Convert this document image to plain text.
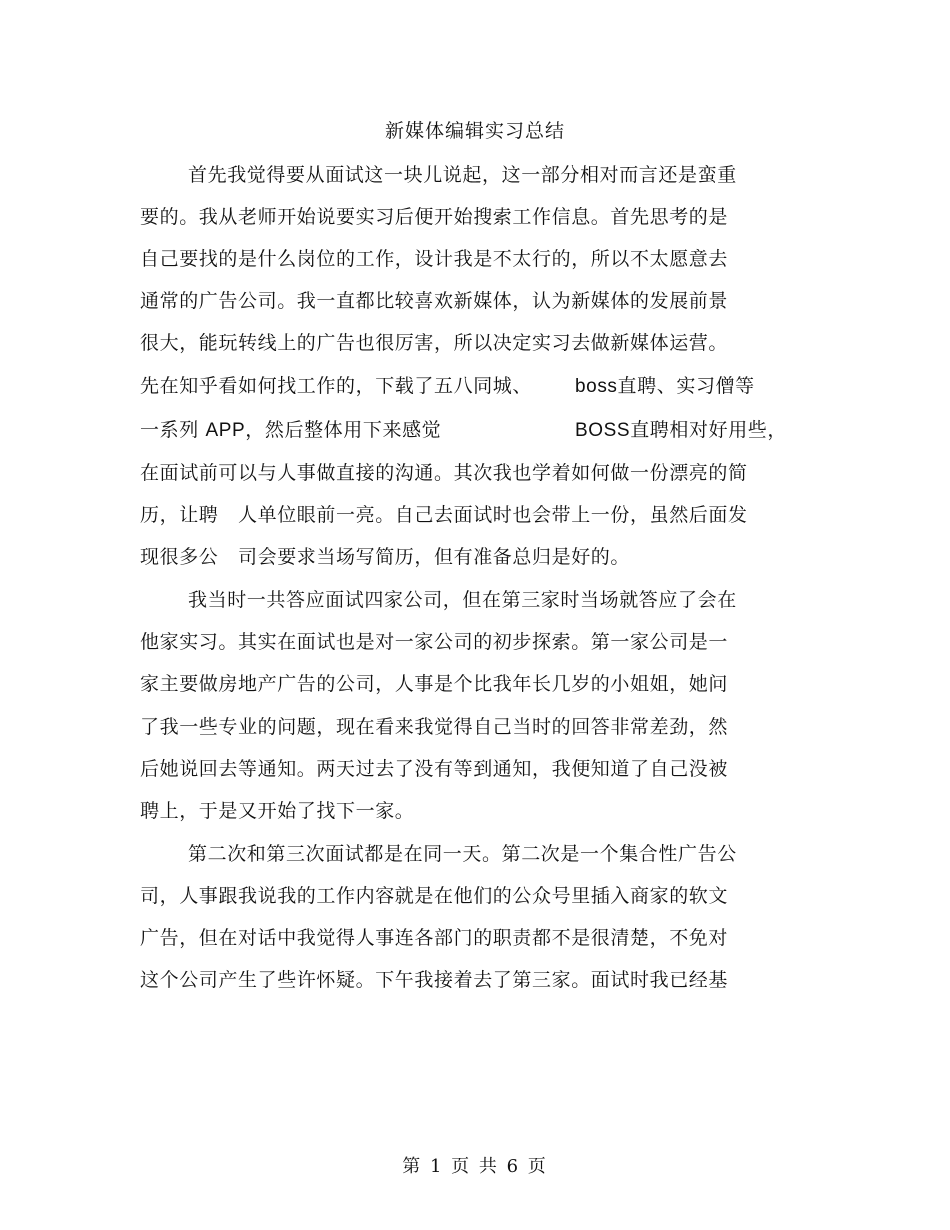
新媒体编辑实习总结
首先我觉得要从面试这一块儿说起，这一部分相对而言还是蛮重
要的。我从老师开始说要实习后便开始搜索工作信息。首先思考的是
自己要找的是什么岗位的工作，设计我是不太行的，所以不太愿意去
通常的广告公司。我一直都比较喜欢新媒体，认为新媒体的发展前景
很大，能玩转线上的广告也很厉害，所以决定实习去做新媒体运营。
先在知乎看如何找工作的，下载了五八同城、 boss直聘、实习僧等
一系列 APP，然后整体用下来感觉	BOSS直聘相对好用些，
在面试前可以与人事做直接的沟通。其次我也学着如何做一份漂亮的简
历，让聘　人单位眼前一亮。自己去面试时也会带上一份，虽然后面发
现很多公　司会要求当场写简历，但有准备总归是好的。
我当时一共答应面试四家公司，但在第三家时当场就答应了会在
他家实习。其实在面试也是对一家公司的初步探索。第一家公司是一
家主要做房地产广告的公司，人事是个比我年长几岁的小姐姐，她问
了我一些专业的问题，现在看来我觉得自己当时的回答非常差劲，然
后她说回去等通知。两天过去了没有等到通知，我便知道了自己没被
聘上，于是又开始了找下一家。
第二次和第三次面试都是在同一天。第二次是一个集合性广告公
司，人事跟我说我的工作内容就是在他们的公众号里插入商家的软文
广告，但在对话中我觉得人事连各部门的职责都不是很清楚，不免对
这个公司产生了些许怀疑。下午我接着去了第三家。面试时我已经基
第 1 页 共 6 页
